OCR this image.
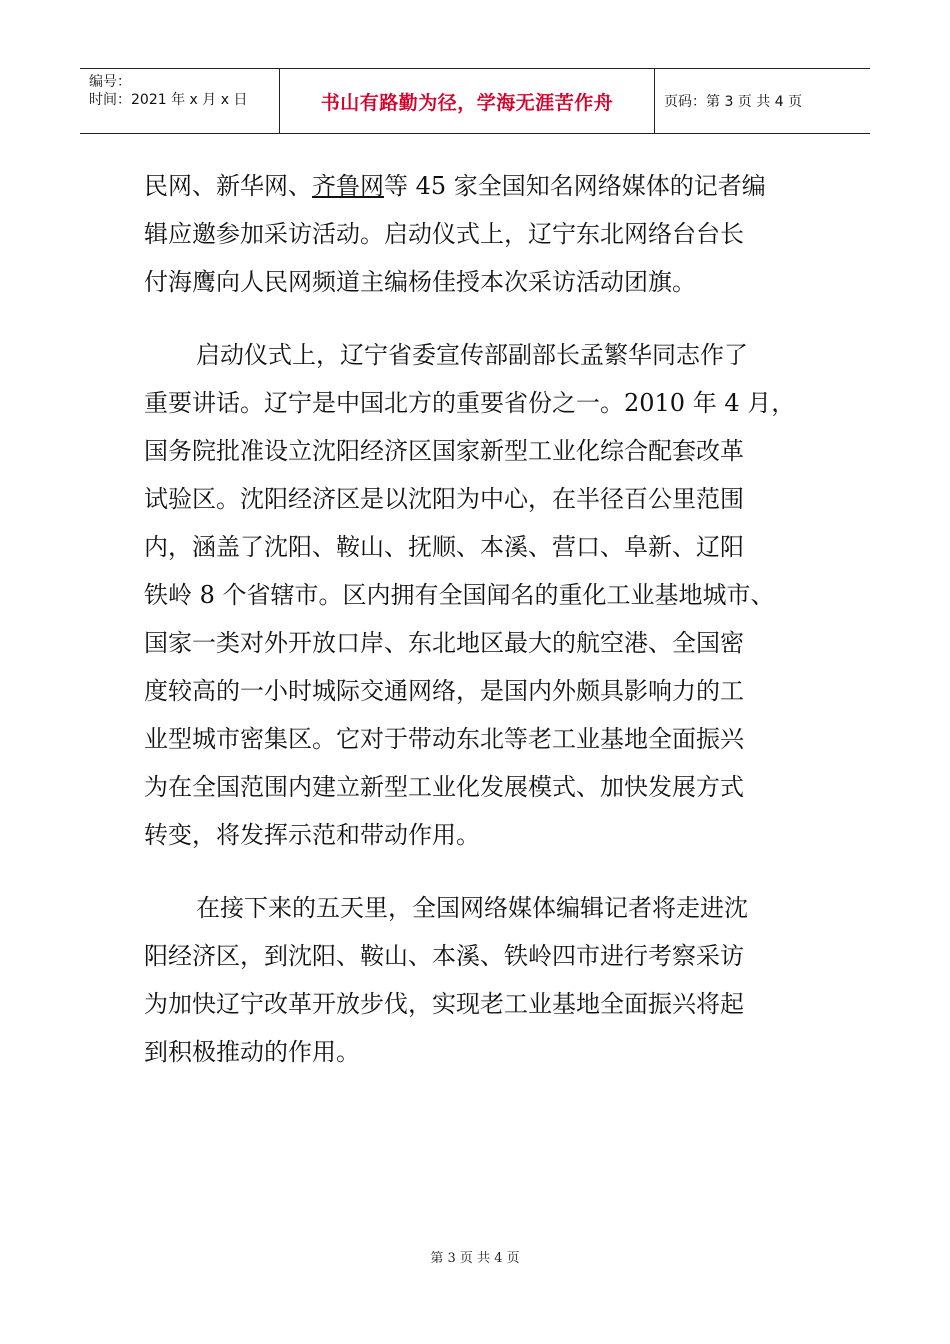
编号：
时间：2021 年 x 月 x 日	书山有路勤为径，学海无涯苦作舟	页码：第 3 页 共 4 页
民网、新华网、齐鲁网等 45 家全国知名网络媒体的记者编
辑应邀参加采访活动。启动仪式上，辽宁东北网络台台长
付海鹰向人民网频道主编杨佳授本次采访活动团旗。
启动仪式上，辽宁省委宣传部副部长孟繁华同志作了
重要讲话。辽宁是中国北方的重要省份之一。2010 年 4 月，
国务院批准设立沈阳经济区国家新型工业化综合配套改革
试验区。沈阳经济区是以沈阳为中心，在半径百公里范围
内，涵盖了沈阳、鞍山、抚顺、本溪、营口、阜新、辽阳
铁岭 8 个省辖市。区内拥有全国闻名的重化工业基地城市、
国家一类对外开放口岸、东北地区最大的航空港、全国密
度较高的一小时城际交通网络，是国内外颇具影响力的工
业型城市密集区。它对于带动东北等老工业基地全面振兴
为在全国范围内建立新型工业化发展模式、加快发展方式
转变，将发挥示范和带动作用。
在接下来的五天里，全国网络媒体编辑记者将走进沈
阳经济区，到沈阳、鞍山、本溪、铁岭四市进行考察采访
为加快辽宁改革开放步伐，实现老工业基地全面振兴将起
到积极推动的作用。
第 3 页 共 4 页
